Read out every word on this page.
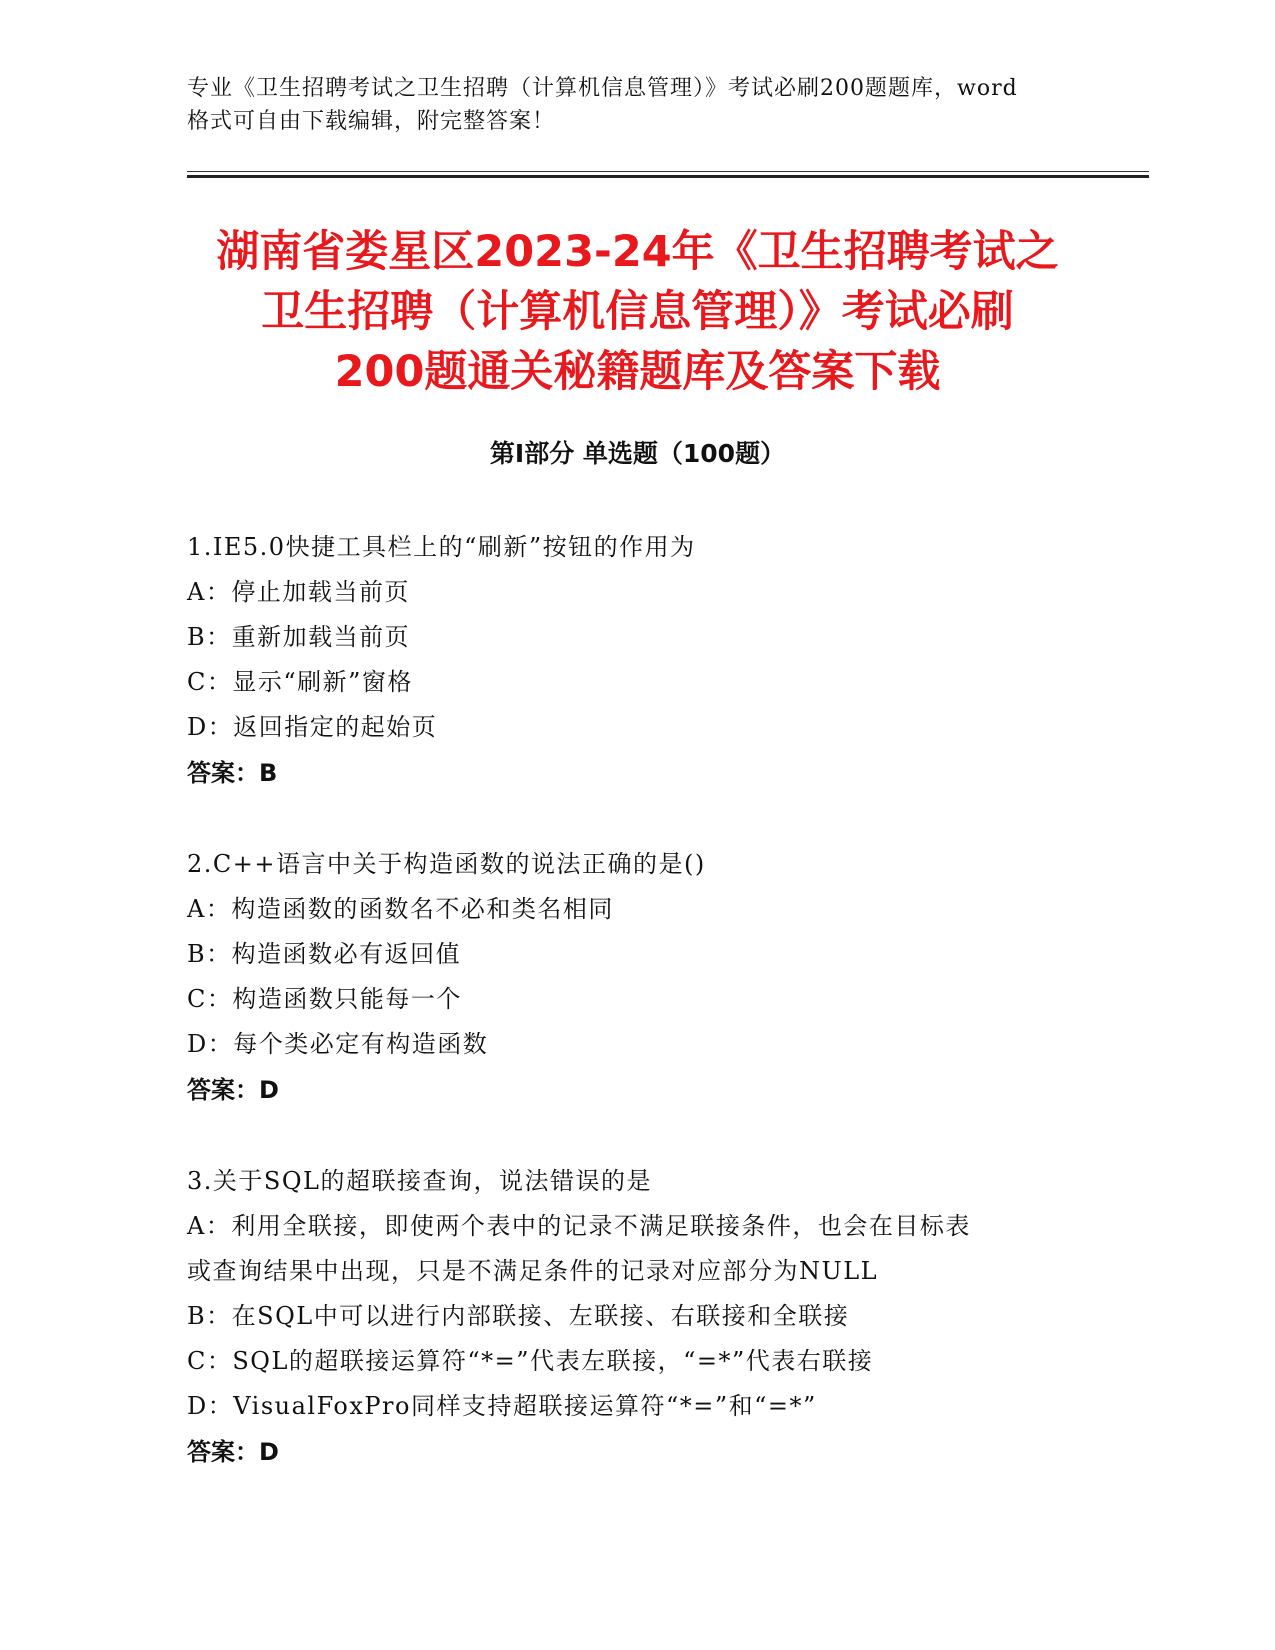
专业《卫生招聘考试之卫生招聘（计算机信息管理）》考试必刷200题题库，word
格式可自由下载编辑，附完整答案！
湖南省娄星区2023-24年《卫生招聘考试之
卫生招聘（计算机信息管理）》考试必刷
200题通关秘籍题库及答案下载
第Ⅰ部分 单选题（100题）
1.IE5.0快捷工具栏上的“刷新”按钮的作用为
A：停止加载当前页
B：重新加载当前页
C：显示“刷新”窗格
D：返回指定的起始页
答案：B
2.C++语言中关于构造函数的说法正确的是()
A：构造函数的函数名不必和类名相同
B：构造函数必有返回值
C：构造函数只能每一个
D：每个类必定有构造函数
答案：D
3.关于SQL的超联接查询，说法错误的是
A：利用全联接，即使两个表中的记录不满足联接条件，也会在目标表
或查询结果中出现，只是不满足条件的记录对应部分为NULL
B：在SQL中可以进行内部联接、左联接、右联接和全联接
C：SQL的超联接运算符“*=”代表左联接，“=*”代表右联接
D：VisualFoxPro同样支持超联接运算符“*=”和“=*”
答案：D
